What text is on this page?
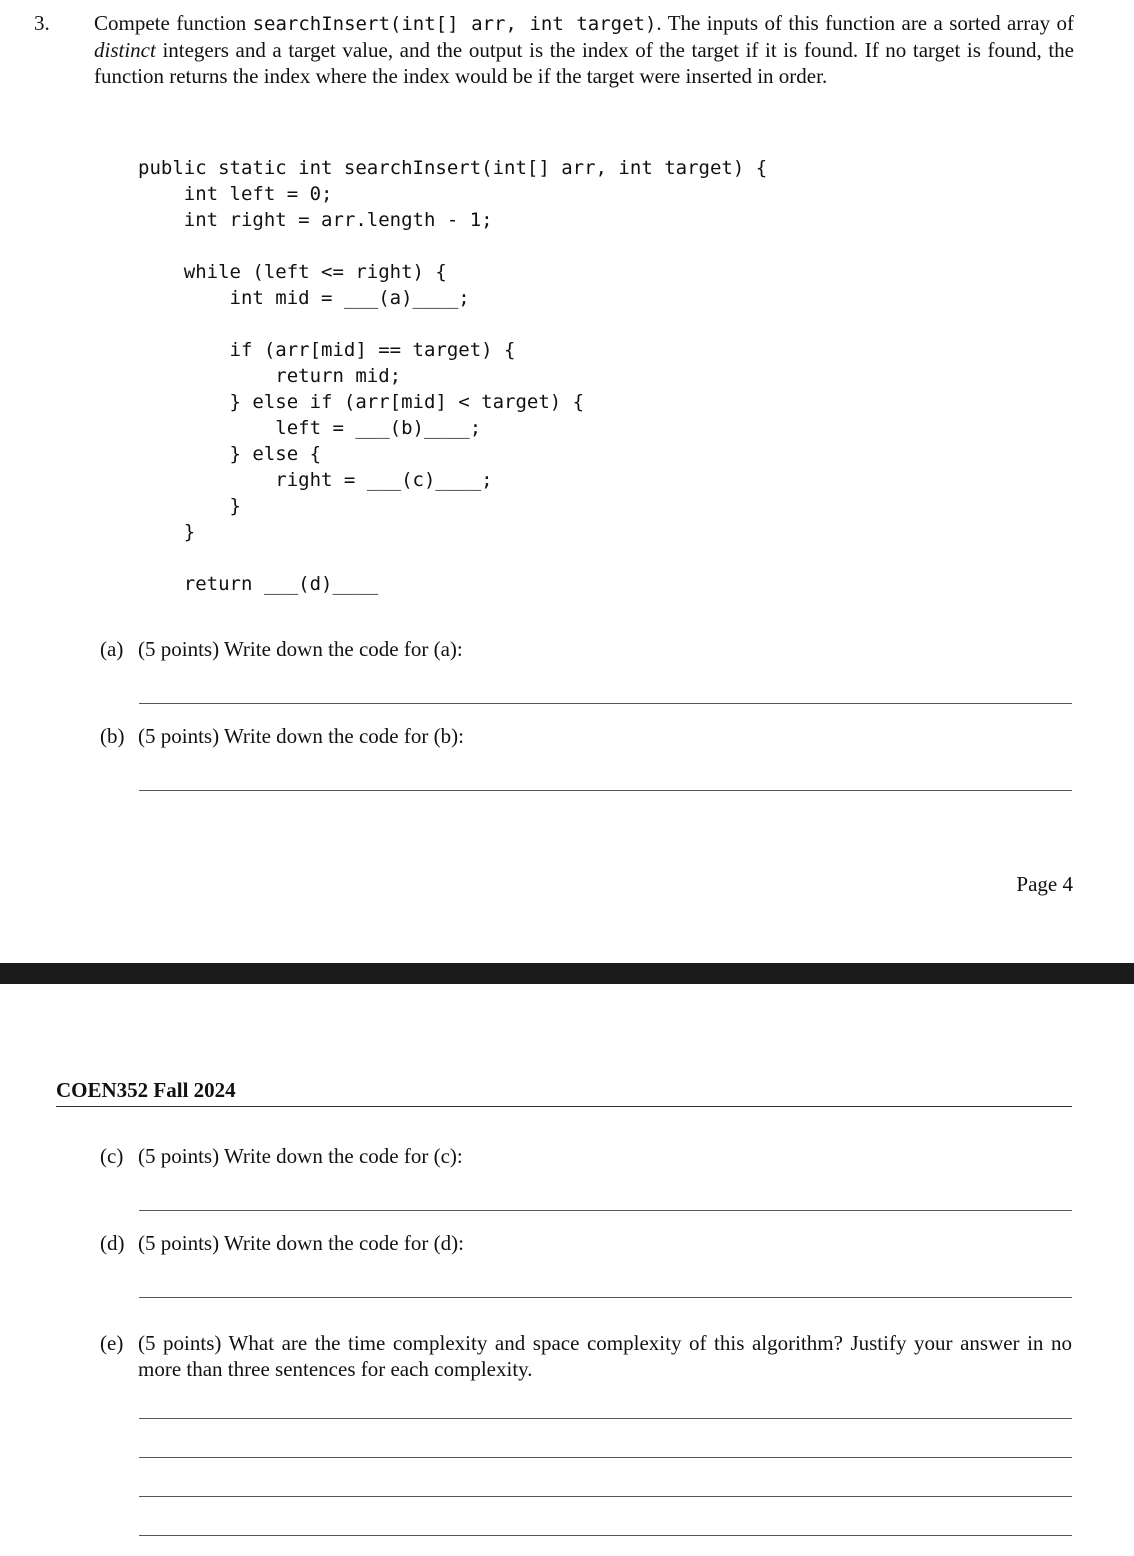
3. Compete function searchInsert(int[] arr, int target). The inputs of this function are a sorted array of distinct integers and a target value, and the output is the index of the target if it is found. If no target is found, the function returns the index where the index would be if the target were inserted in order.
public static int searchInsert(int[] arr, int target) {
int left = 0;
int right = arr.length - 1;

while (left <= right) {
int mid = ___(a)____;

if (arr[mid] == target) {
return mid;
} else if (arr[mid] < target) {
left = ___(b)____;
} else {
right = ___(c)____;
}
}

return ___(d)____
(a) (5 points) Write down the code for (a):
(b) (5 points) Write down the code for (b):
Page 4
COEN352 Fall 2024
(c) (5 points) Write down the code for (c):
(d) (5 points) Write down the code for (d):
(e) (5 points) What are the time complexity and space complexity of this algorithm? Justify your answer in no more than three sentences for each complexity.
